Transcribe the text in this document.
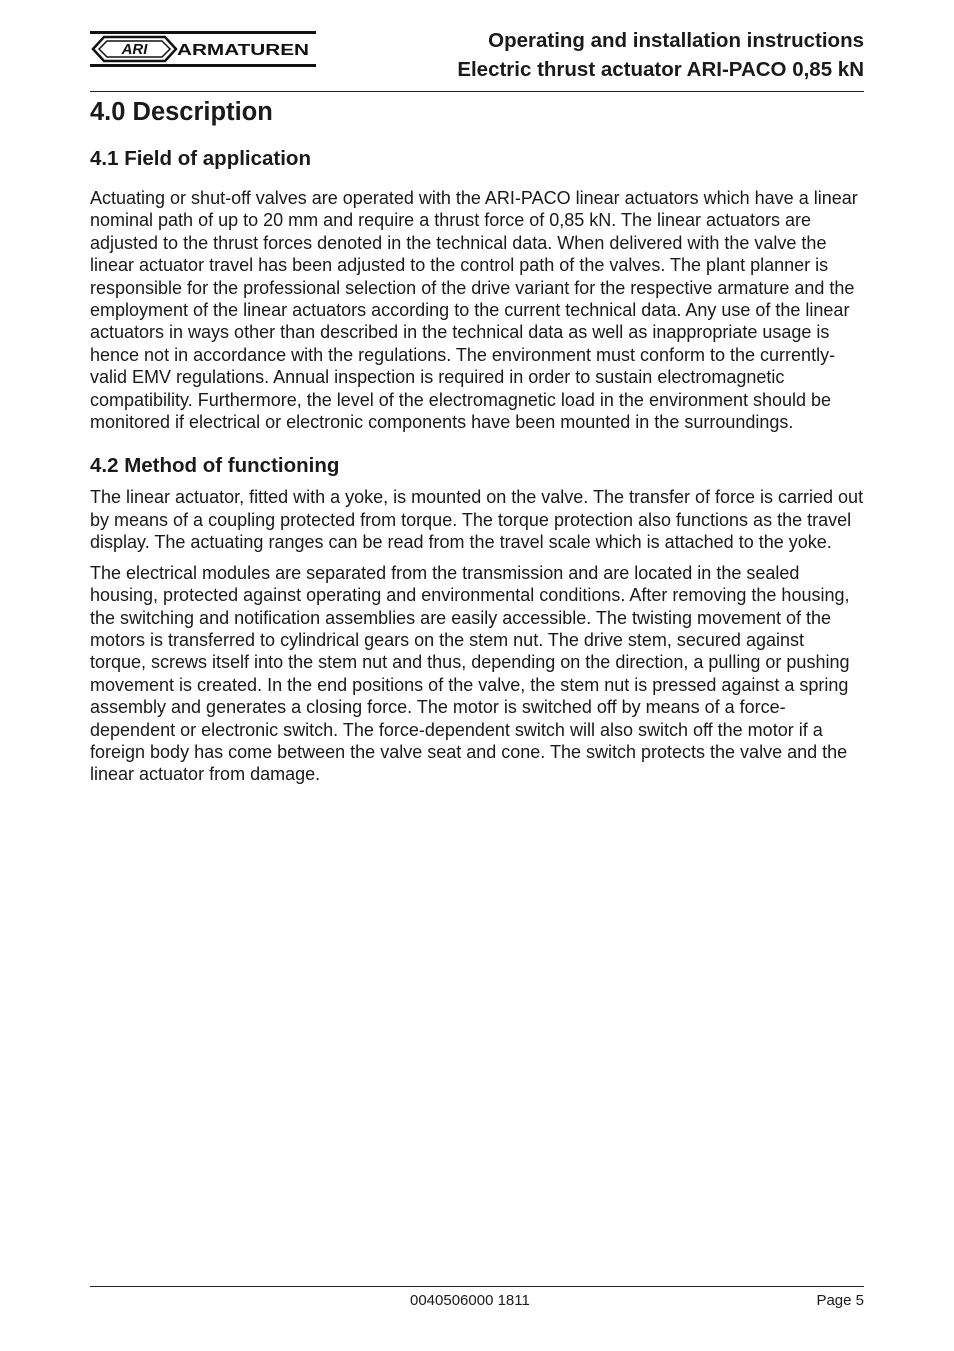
ARI ARMATUREN	Operating and installation instructions
Electric thrust actuator ARI-PACO 0,85 kN
4.0 Description
4.1 Field of application

Actuating or shut-off valves are operated with the ARI-PACO linear actuators which have a linear nominal path of up to 20 mm and require a thrust force of 0,85 kN. The linear actuators are adjusted to the thrust forces denoted in the technical data. When delivered with the valve the linear actuator travel has been adjusted to the control path of the valves. The plant planner is responsible for the professional selection of the drive variant for the respective armature and the employment of the linear actuators according to the current technical data. Any use of the linear actuators in ways other than described in the technical data as well as inappropriate usage is hence not in accordance with the regulations. The environment must conform to the currently-valid EMV regulations. Annual inspection is required in order to sustain electromagnetic compatibility. Furthermore, the level of the electromagnetic load in the environment should be monitored if electrical or electronic components have been mounted in the surroundings.

4.2 Method of functioning

The linear actuator, fitted with a yoke, is mounted on the valve. The transfer of force is carried out by means of a coupling protected from torque. The torque protection also functions as the travel display. The actuating ranges can be read from the travel scale which is attached to the yoke.

The electrical modules are separated from the transmission and are located in the sealed housing, protected against operating and environmental conditions. After removing the housing, the switching and notification assemblies are easily accessible. The twisting movement of the motors is transferred to cylindrical gears on the stem nut. The drive stem, secured against torque, screws itself into the stem nut and thus, depending on the direction, a pulling or pushing movement is created. In the end positions of the valve, the stem nut is pressed against a spring assembly and generates a closing force. The motor is switched off by means of a force-dependent or electronic switch. The force-dependent switch will also switch off the motor if a foreign body has come between the valve seat and cone. The switch protects the valve and the linear actuator from damage.

0040506000 1811	Page 5
